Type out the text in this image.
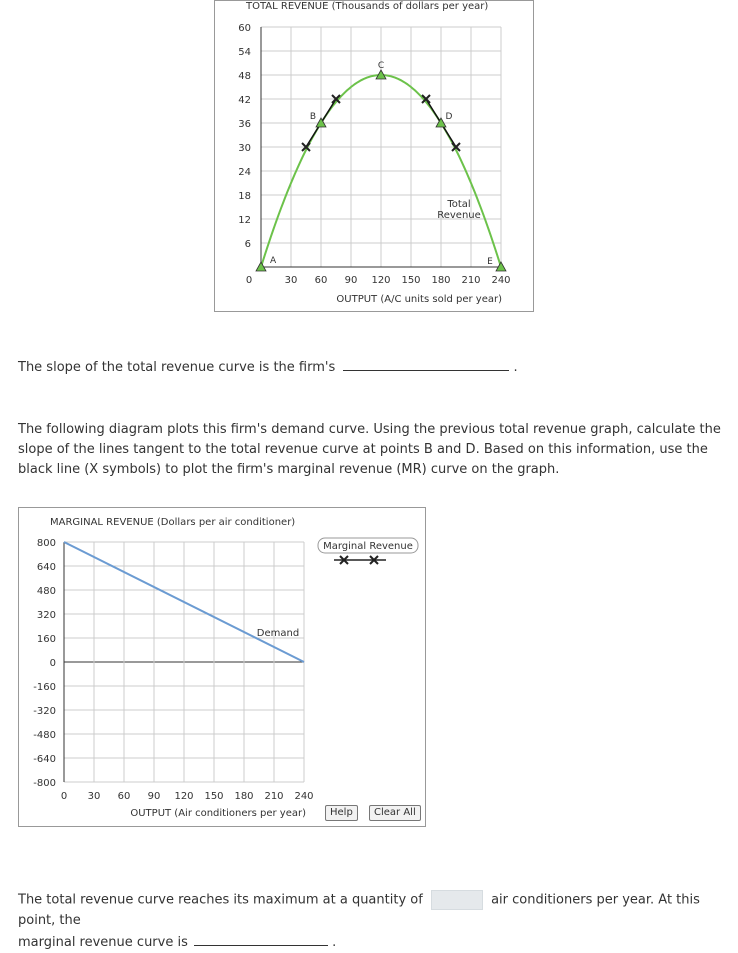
TOTAL REVENUE (Thousands of dollars per year)
6
12
18
24
30
36
42
48
54
60
0	30 60 90 120 150 180 210 240
A
B
C
D
E
OUTPUT (A/C units sold per year)
Total
Revenue

The slope of the total revenue curve is the firm's	.

The following diagram plots this firm's demand curve. Using the previous total revenue graph, calculate the slope of the lines tangent to the total revenue curve at points B and D. Based on this information, use the black line (X symbols) to plot the firm's marginal revenue (MR) curve on the graph.

MARGINAL REVENUE (Dollars per air conditioner)
800
640
480
320
160
0
-160
-320
-480
-640
-800
0 30 60 90 120 150 180 210 240
Demand
OUTPUT (Air conditioners per year)
Marginal Revenue
Help	Clear All

The total revenue curve reaches its maximum at a quantity of	air conditioners per year. At this point, the
marginal revenue curve is	.
